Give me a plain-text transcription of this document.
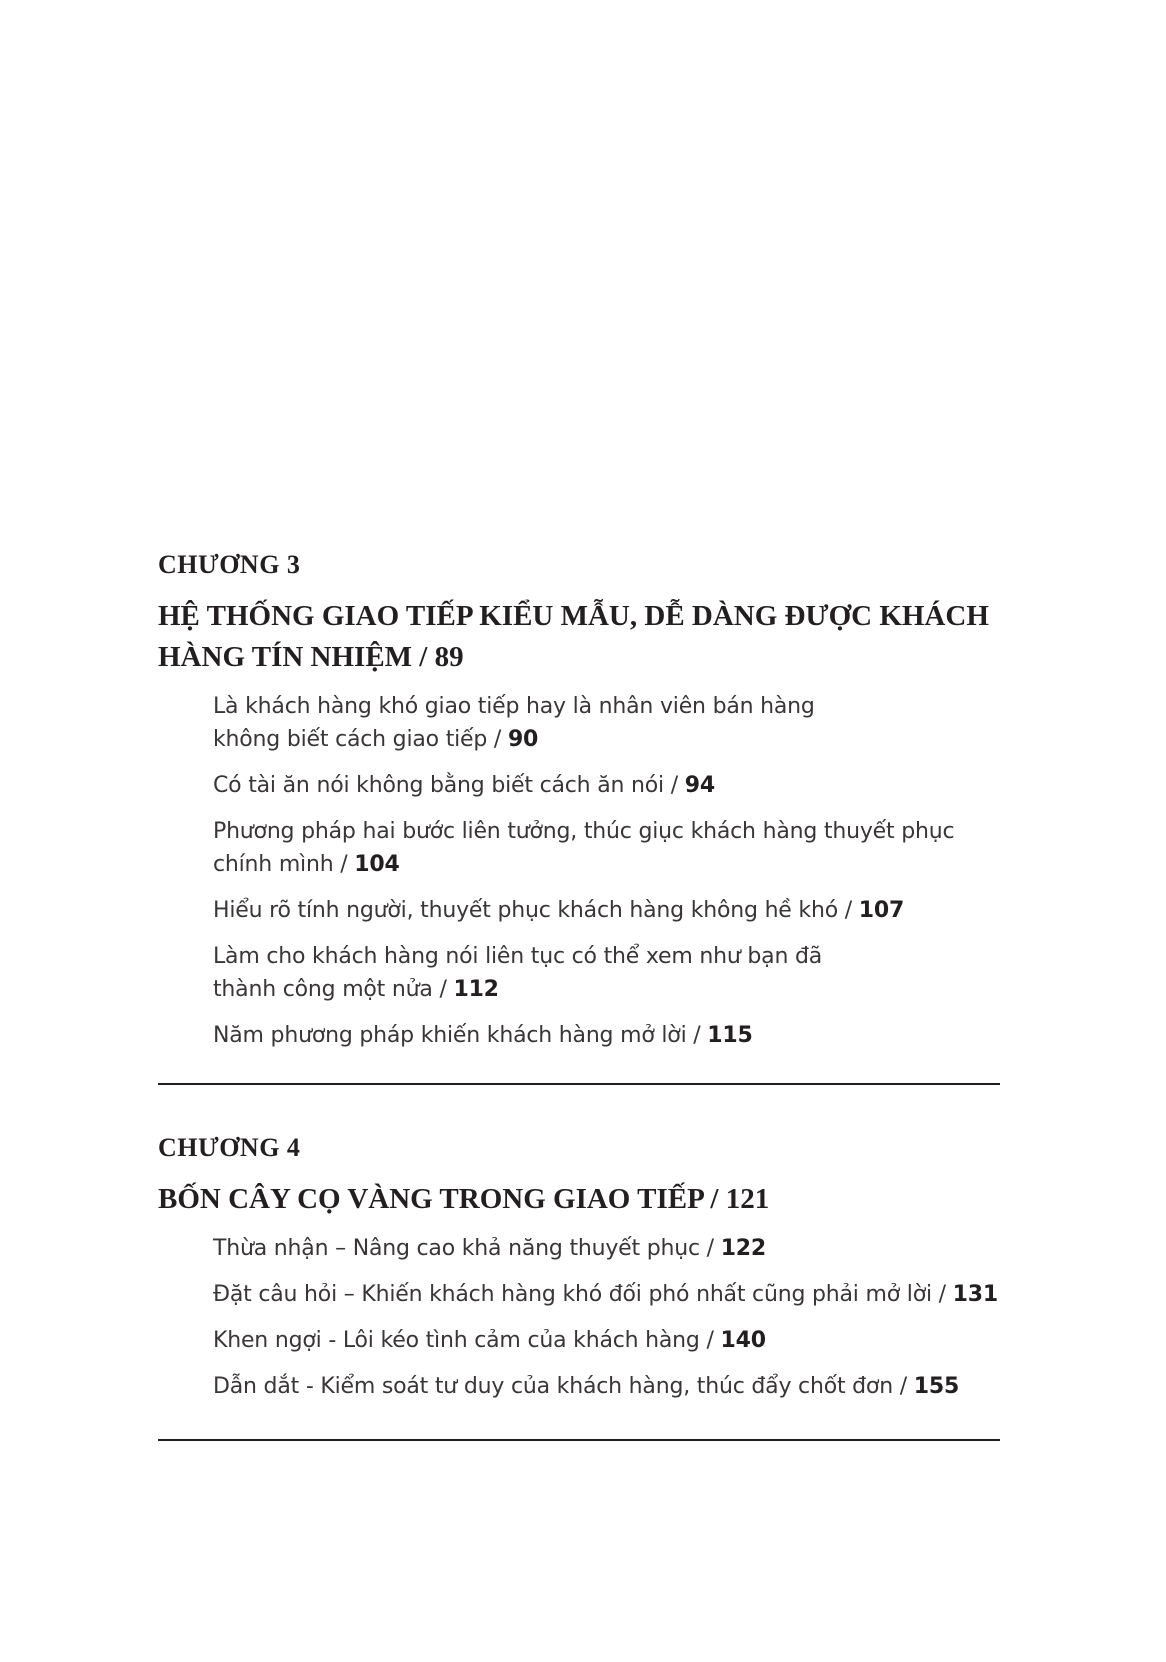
CHƯƠNG 3
HỆ THỐNG GIAO TIẾP KIỂU MẪU, DỄ DÀNG ĐƯỢC KHÁCH
HÀNG TÍN NHIỆM / 89
Là khách hàng khó giao tiếp hay là nhân viên bán hàng
không biết cách giao tiếp / 90
Có tài ăn nói không bằng biết cách ăn nói / 94
Phương pháp hai bước liên tưởng, thúc giục khách hàng thuyết phục
chính mình / 104
Hiểu rõ tính người, thuyết phục khách hàng không hề khó / 107
Làm cho khách hàng nói liên tục có thể xem như bạn đã
thành công một nửa / 112
Năm phương pháp khiến khách hàng mở lời / 115
CHƯƠNG 4
BỐN CÂY CỌ VÀNG TRONG GIAO TIẾP / 121
Thừa nhận – Nâng cao khả năng thuyết phục / 122
Đặt câu hỏi – Khiến khách hàng khó đối phó nhất cũng phải mở lời / 131
Khen ngợi - Lôi kéo tình cảm của khách hàng / 140
Dẫn dắt - Kiểm soát tư duy của khách hàng, thúc đẩy chốt đơn / 155
